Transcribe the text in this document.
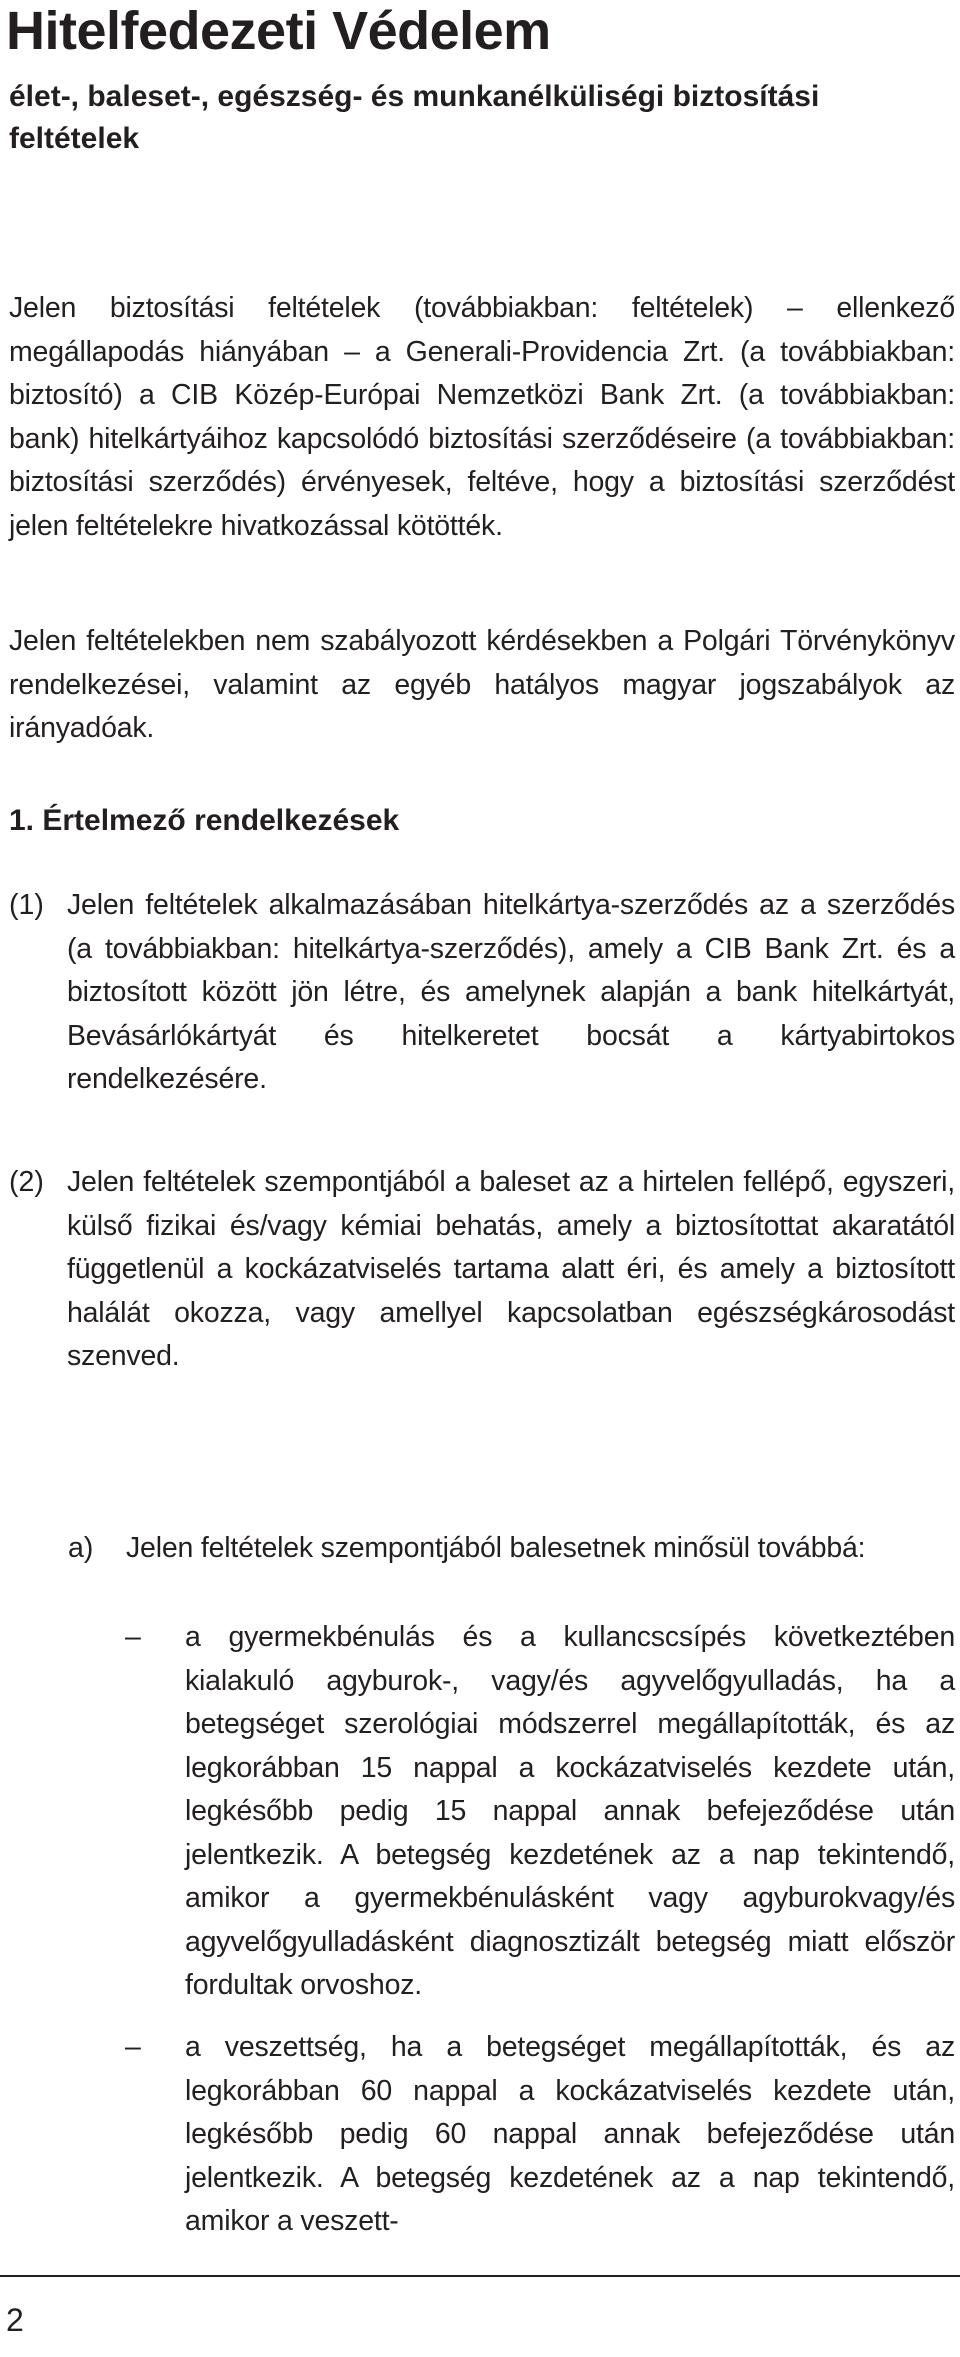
Hitelfedezeti Védelem
élet-, baleset-, egészség- és munkanélküliségi biztosítási feltételek
Jelen biztosítási feltételek (továbbiakban: feltételek) – ellenkező megállapodás hiányában – a Generali-Providencia Zrt. (a továbbiakban: biztosító) a CIB Közép-Európai Nemzetközi Bank Zrt. (a továbbiakban: bank) hitelkártyáihoz kapcsolódó biztosítási szerződéseire (a továbbiakban: biztosítási szerződés) érvényesek, feltéve, hogy a biztosítási szerződést jelen feltételekre hivatkozással kötötték.
Jelen feltételekben nem szabályozott kérdésekben a Polgári Törvénykönyv rendelkezései, valamint az egyéb hatályos magyar jogszabályok az irányadóak.
1. Értelmező rendelkezések
(1) Jelen feltételek alkalmazásában hitelkártya-szerződés az a szerződés (a továbbiakban: hitelkártya-szerződés), amely a CIB Bank Zrt. és a biztosított között jön létre, és amelynek alapján a bank hitelkártyát, Bevásárlókártyát és hitelkeretet bocsát a kártyabirtokos rendelkezésére.
(2) Jelen feltételek szempontjából a baleset az a hirtelen fellépő, egyszeri, külső fizikai és/vagy kémiai behatás, amely a biztosítottat akaratától függetlenül a kockázatviselés tartama alatt éri, és amely a biztosított halálát okozza, vagy amellyel kapcsolatban egészségkárosodást szenved.
a) Jelen feltételek szempontjából balesetnek minősül továbbá:
– a gyermekbénulás és a kullancscsípés következtében kialakuló agyburok-, vagy/és agyvelőgyulladás, ha a betegséget szerológiai módszerrel megállapították, és az legkorábban 15 nappal a kockázatviselés kezdete után, legkésőbb pedig 15 nappal annak befejeződése után jelentkezik. A betegség kezdetének az a nap tekintendő, amikor a gyermekbénulásként vagy agyburokvagy/és agyvelőgyulladásként diagnosztizált betegség miatt először fordultak orvoshoz.
– a veszettség, ha a betegséget megállapították, és az legkorábban 60 nappal a kockázatviselés kezdete után, legkésőbb pedig 60 nappal annak befejeződése után jelentkezik. A betegség kezdetének az a nap tekintendő, amikor a veszett-
2
